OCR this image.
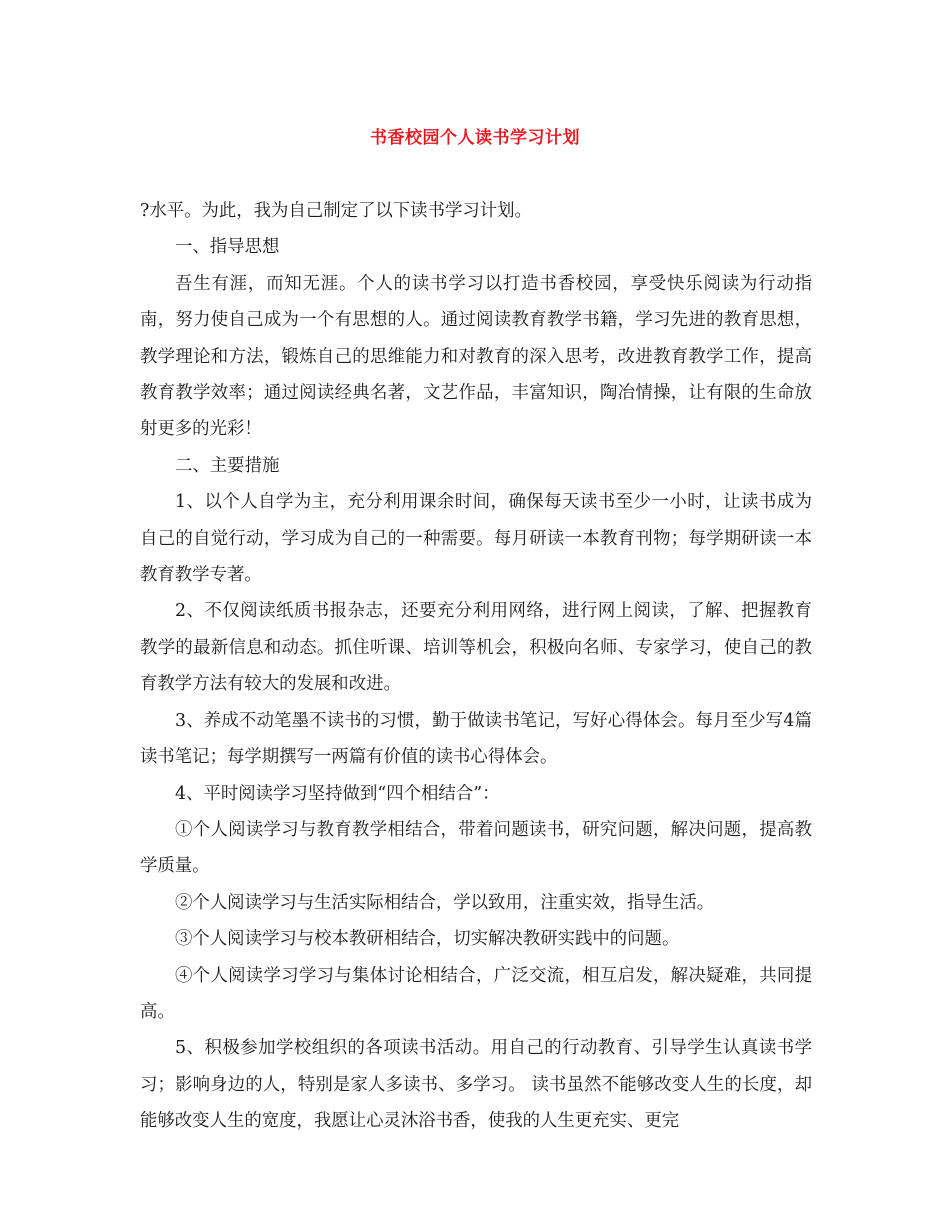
书香校园个人读书学习计划

?水平。为此，我为自己制定了以下读书学习计划。

一、指导思想

吾生有涯，而知无涯。个人的读书学习以打造书香校园，享受快乐阅读为行动指南，努力使自己成为一个有思想的人。通过阅读教育教学书籍，学习先进的教育思想，教学理论和方法，锻炼自己的思维能力和对教育的深入思考，改进教育教学工作，提高教育教学效率；通过阅读经典名著，文艺作品，丰富知识，陶冶情操，让有限的生命放射更多的光彩！

二、主要措施

1、以个人自学为主，充分利用课余时间，确保每天读书至少一小时，让读书成为自己的自觉行动，学习成为自己的一种需要。每月研读一本教育刊物；每学期研读一本教育教学专著。

2、不仅阅读纸质书报杂志，还要充分利用网络，进行网上阅读，了解、把握教育教学的最新信息和动态。抓住听课、培训等机会，积极向名师、专家学习，使自己的教育教学方法有较大的发展和改进。

3、养成不动笔墨不读书的习惯，勤于做读书笔记，写好心得体会。每月至少写4篇读书笔记；每学期撰写一两篇有价值的读书心得体会。

4、平时阅读学习坚持做到“四个相结合”：

①个人阅读学习与教育教学相结合，带着问题读书，研究问题，解决问题，提高教学质量。

②个人阅读学习与生活实际相结合，学以致用，注重实效，指导生活。

③个人阅读学习与校本教研相结合，切实解决教研实践中的问题。

④个人阅读学习学习与集体讨论相结合，广泛交流，相互启发，解决疑难，共同提高。

5、积极参加学校组织的各项读书活动。用自己的行动教育、引导学生认真读书学习；影响身边的人，特别是家人多读书、多学习。 读书虽然不能够改变人生的长度，却能够改变人生的宽度，我愿让心灵沐浴书香，使我的人生更充实、更完
